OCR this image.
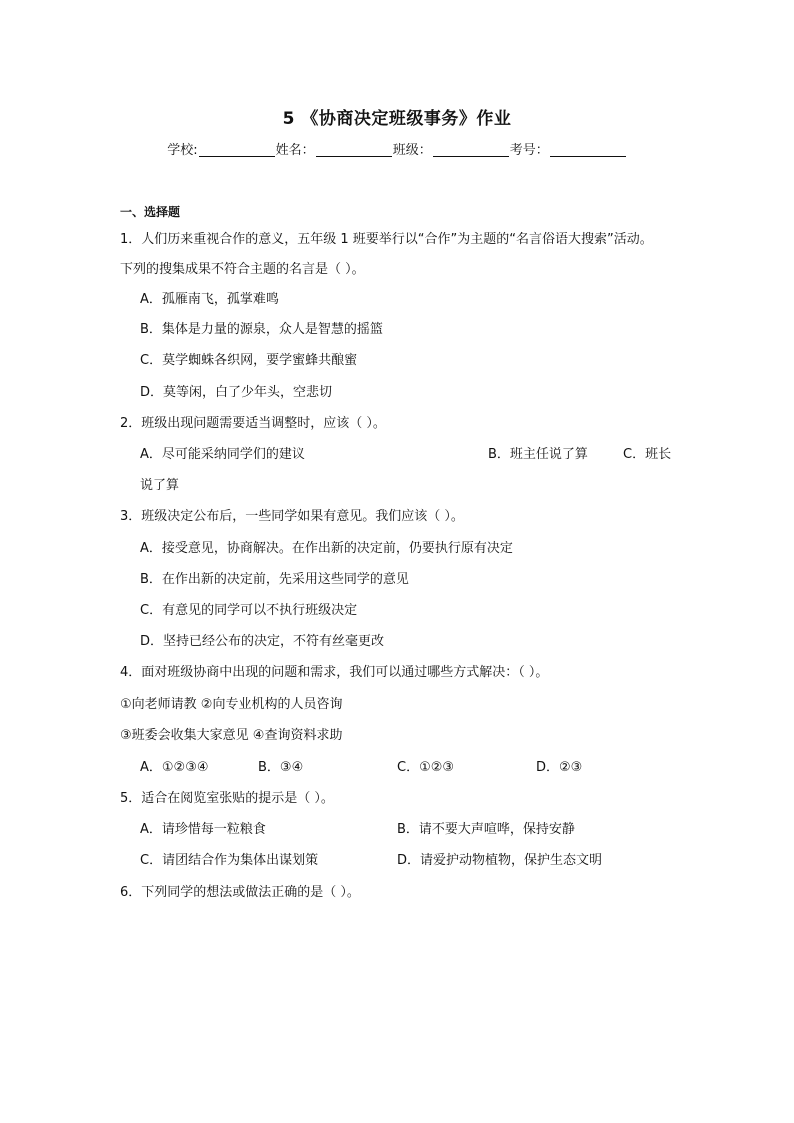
5 《协商决定班级事务》作业
学校:	姓名：	班级：	考号：
一、选择题
1．人们历来重视合作的意义，五年级 1 班要举行以“合作”为主题的“名言俗语大搜索”活动。
下列的搜集成果不符合主题的名言是（ ）。
A．孤雁南飞，孤掌难鸣
B．集体是力量的源泉，众人是智慧的摇篮
C．莫学蜘蛛各织网，要学蜜蜂共酿蜜
D．莫等闲，白了少年头，空悲切
2．班级出现问题需要适当调整时，应该（ ）。
A．尽可能采纳同学们的建议	B．班主任说了算	C．班长
说了算
3．班级决定公布后，一些同学如果有意见。我们应该（ ）。
A．接受意见，协商解决。在作出新的决定前，仍要执行原有决定
B．在作出新的决定前，先采用这些同学的意见
C．有意见的同学可以不执行班级决定
D．坚持已经公布的决定，不符有丝毫更改
4．面对班级协商中出现的问题和需求，我们可以通过哪些方式解决：（ ）。
①向老师请教 ②向专业机构的人员咨询
③班委会收集大家意见 ④查询资料求助
A．①②③④	B．③④	C．①②③	D．②③
5．适合在阅览室张贴的提示是（ ）。
A．请珍惜每一粒粮食	B．请不要大声喧哗，保持安静
C．请团结合作为集体出谋划策	D．请爱护动物植物，保护生态文明
6．下列同学的想法或做法正确的是（ ）。
